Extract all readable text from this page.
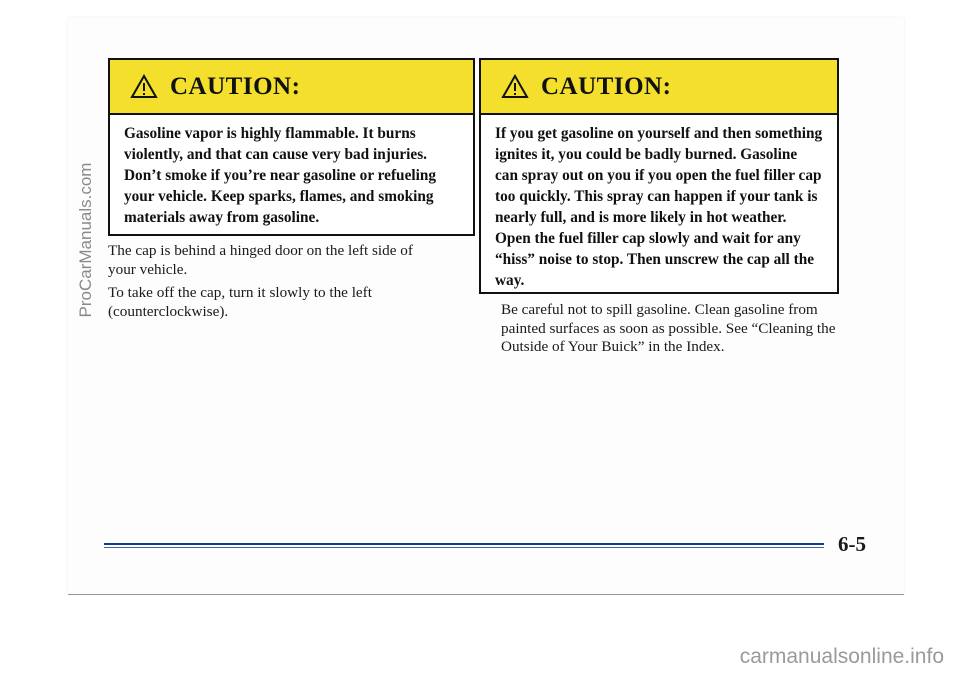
CAUTION:
Gasoline vapor is highly flammable. It burns violently, and that can cause very bad injuries. Don’t smoke if you’re near gasoline or refueling your vehicle. Keep sparks, flames, and smoking materials away from gasoline.
CAUTION:
If you get gasoline on yourself and then something ignites it, you could be badly burned. Gasoline can spray out on you if you open the fuel filler cap too quickly. This spray can happen if your tank is nearly full, and is more likely in hot weather. Open the fuel filler cap slowly and wait for any “hiss” noise to stop. Then unscrew the cap all the way.
The cap is behind a hinged door on the left side of your vehicle.
To take off the cap, turn it slowly to the left (counterclockwise).	Be careful not to spill gasoline. Clean gasoline from painted surfaces as soon as possible. See “Cleaning the Outside of Your Buick” in the Index.
6-5
ProCarManuals.com
carmanualsonline.info
